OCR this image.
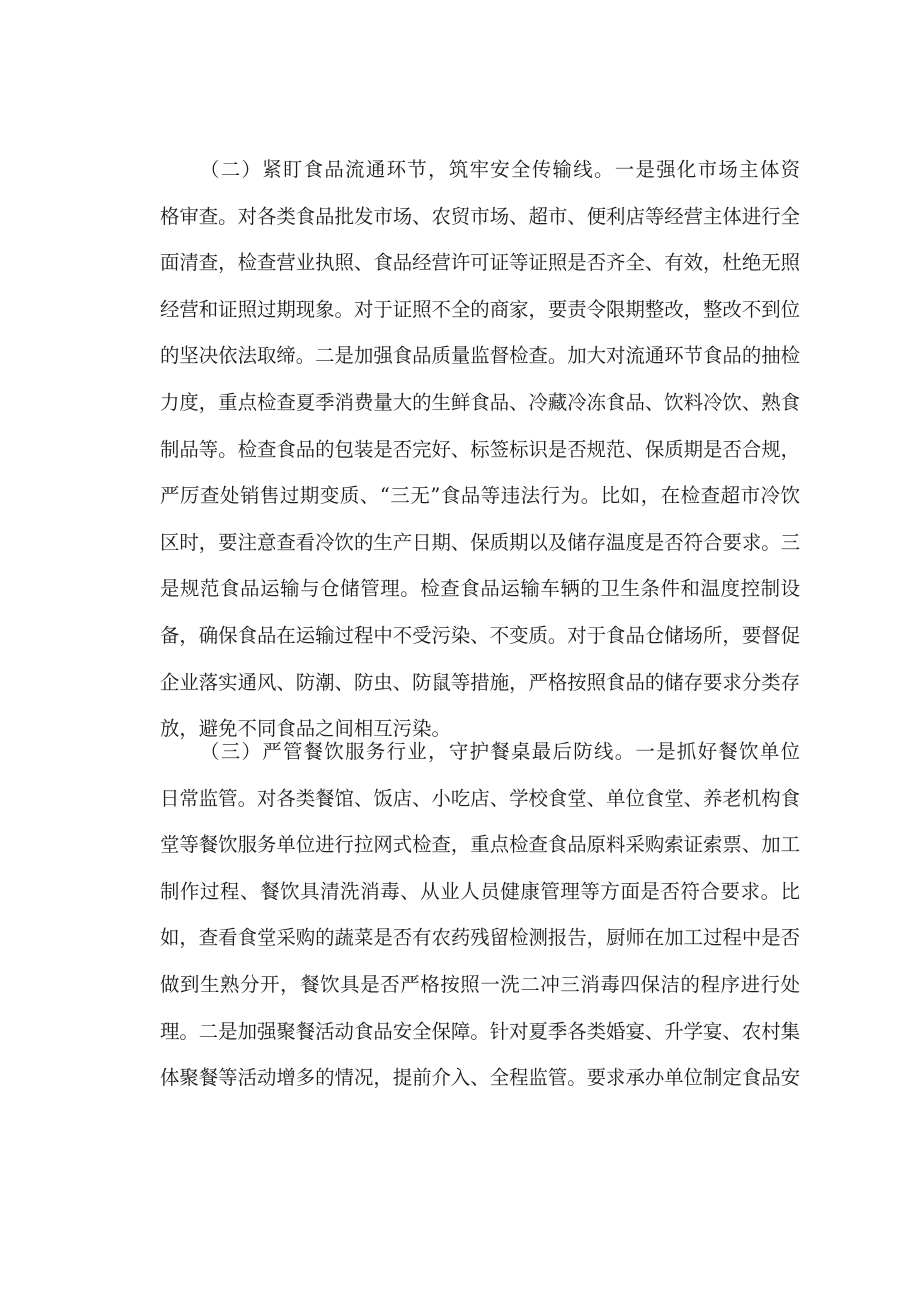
（二）紧盯食品流通环节，筑牢安全传输线。一是强化市场主体资
格审查。对各类食品批发市场、农贸市场、超市、便利店等经营主体进行全
面清查，检查营业执照、食品经营许可证等证照是否齐全、有效，杜绝无照
经营和证照过期现象。对于证照不全的商家，要责令限期整改，整改不到位
的坚决依法取缔。二是加强食品质量监督检查。加大对流通环节食品的抽检
力度，重点检查夏季消费量大的生鲜食品、冷藏冷冻食品、饮料冷饮、熟食
制品等。检查食品的包装是否完好、标签标识是否规范、保质期是否合规，
严厉查处销售过期变质、“三无”食品等违法行为。比如，在检查超市冷饮
区时，要注意查看冷饮的生产日期、保质期以及储存温度是否符合要求。三
是规范食品运输与仓储管理。检查食品运输车辆的卫生条件和温度控制设
备，确保食品在运输过程中不受污染、不变质。对于食品仓储场所，要督促
企业落实通风、防潮、防虫、防鼠等措施，严格按照食品的储存要求分类存
放，避免不同食品之间相互污染。
（三）严管餐饮服务行业，守护餐桌最后防线。一是抓好餐饮单位
日常监管。对各类餐馆、饭店、小吃店、学校食堂、单位食堂、养老机构食
堂等餐饮服务单位进行拉网式检查，重点检查食品原料采购索证索票、加工
制作过程、餐饮具清洗消毒、从业人员健康管理等方面是否符合要求。比
如，查看食堂采购的蔬菜是否有农药残留检测报告，厨师在加工过程中是否
做到生熟分开，餐饮具是否严格按照一洗二冲三消毒四保洁的程序进行处
理。二是加强聚餐活动食品安全保障。针对夏季各类婚宴、升学宴、农村集
体聚餐等活动增多的情况，提前介入、全程监管。要求承办单位制定食品安
